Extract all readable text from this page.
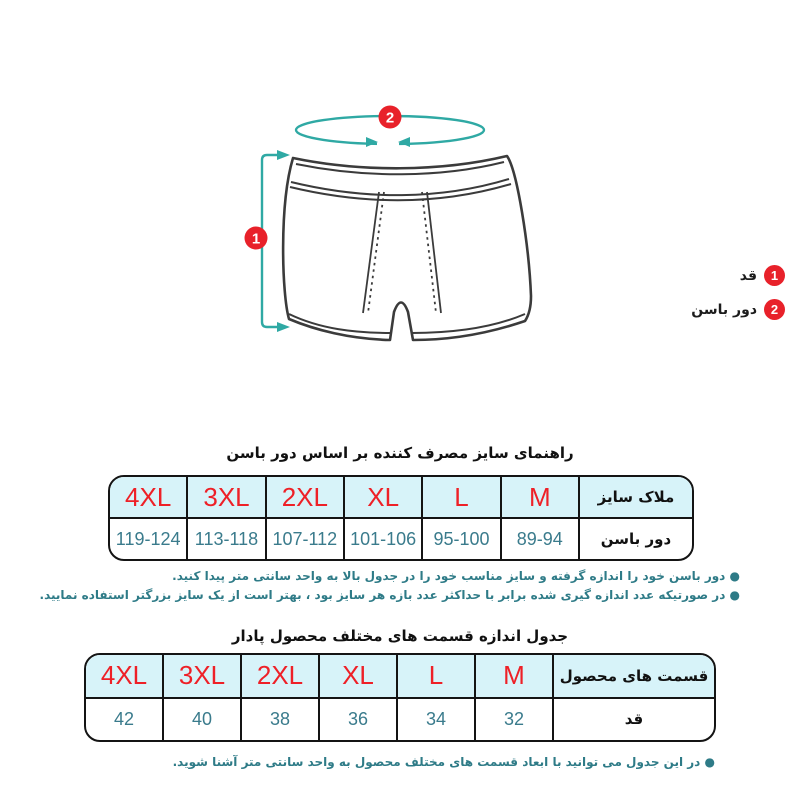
2
1
1
قد
2
دور باسن
راهنمای سایز مصرف کننده بر اساس دور باسن
4XL	3XL	2XL	XL	L	M	ملاک سایز
119-124 113-118 107-112 101-106 95-100	89-94	دور باسن
● دور باسن خود را اندازه گرفته و سایز مناسب خود را در جدول بالا به واحد سانتی متر پیدا کنید.
● در صورتیکه عدد اندازه گیری شده برابر با حداکثر عدد بازه هر سایز بود ، بهتر است از یک سایز بزرگتر استفاده نمایید.
جدول اندازه قسمت های مختلف محصول پادار
4XL	3XL	2XL	XL	L	M	قسمت های محصول
42	40	38	36	34	32	قد
● در این جدول می توانید با ابعاد قسمت های مختلف محصول به واحد سانتی متر آشنا شوید.
